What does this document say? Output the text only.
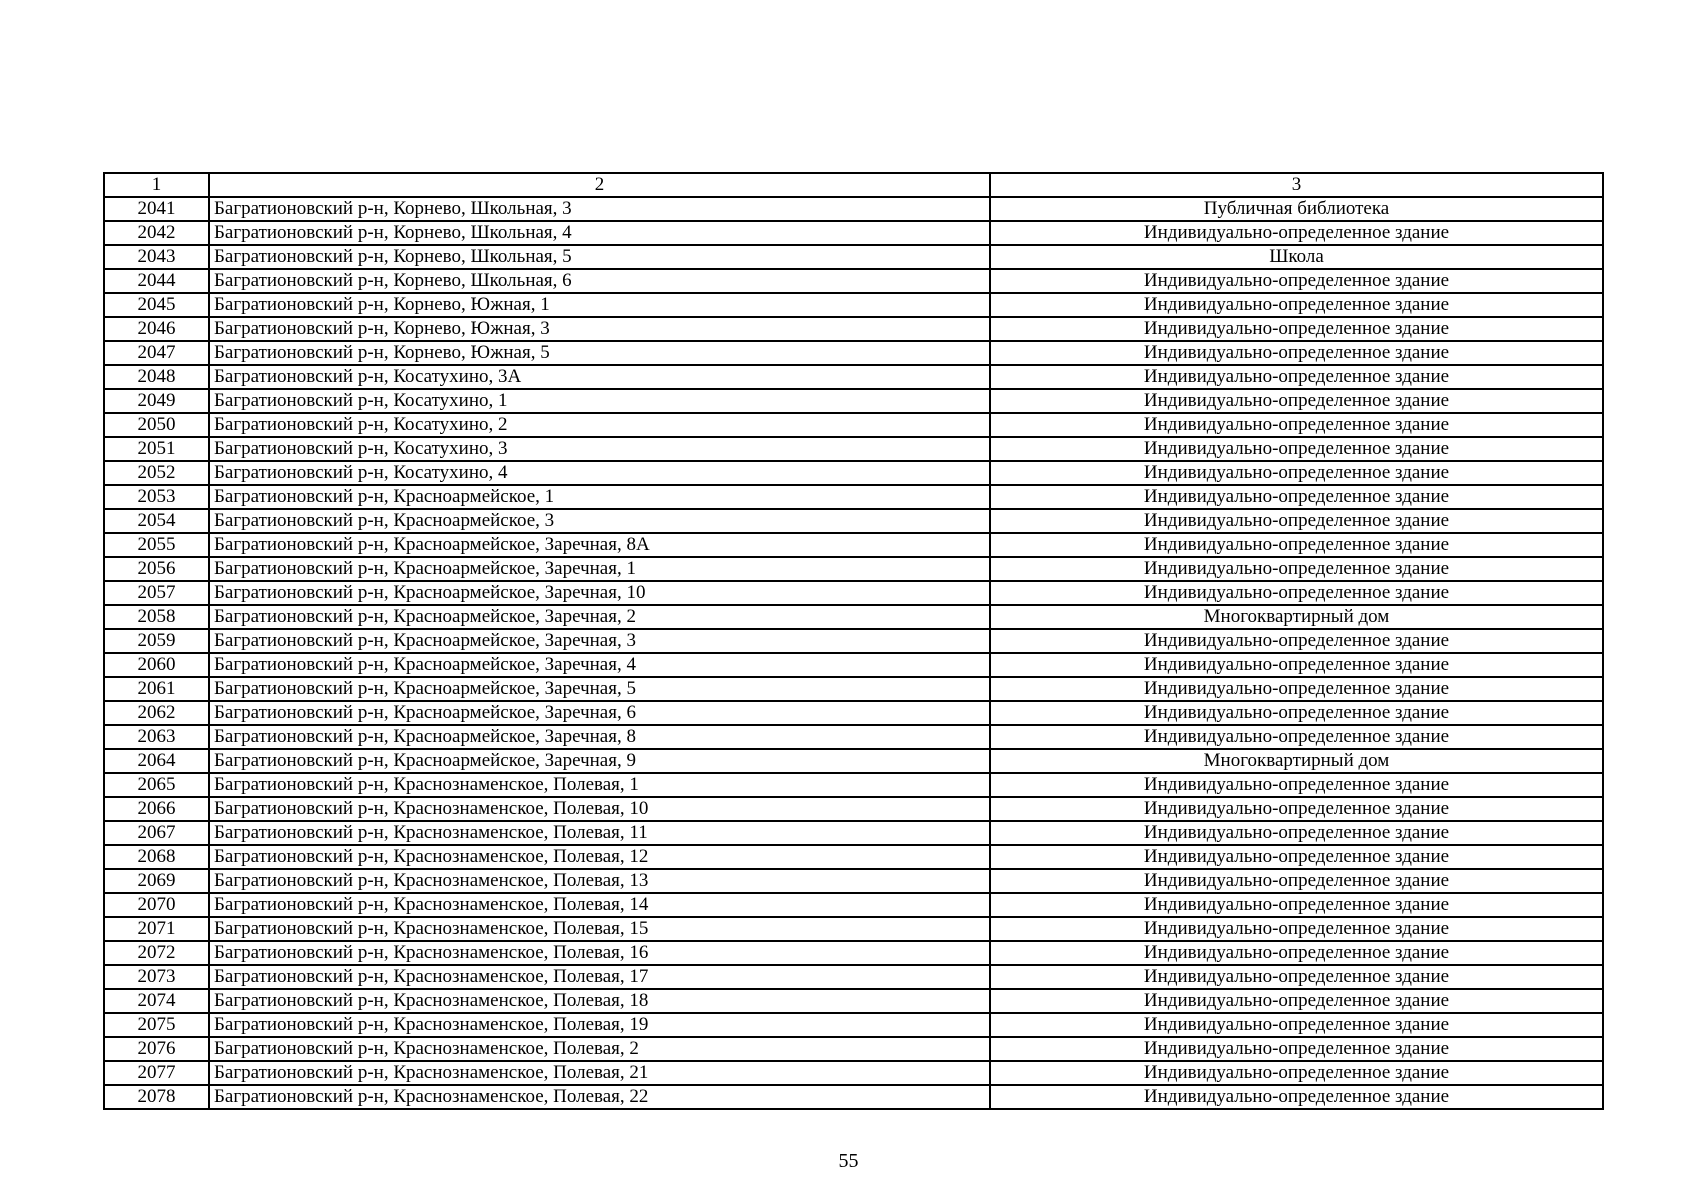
1	2	3
2041	Багратионовский р-н, Корнево, Школьная, 3	Публичная библиотека
2042	Багратионовский р-н, Корнево, Школьная, 4	Индивидуально-определенное здание
2043	Багратионовский р-н, Корнево, Школьная, 5	Школа
2044	Багратионовский р-н, Корнево, Школьная, 6	Индивидуально-определенное здание
2045	Багратионовский р-н, Корнево, Южная, 1	Индивидуально-определенное здание
2046	Багратионовский р-н, Корнево, Южная, 3	Индивидуально-определенное здание
2047	Багратионовский р-н, Корнево, Южная, 5	Индивидуально-определенное здание
2048	Багратионовский р-н, Косатухино, 3А	Индивидуально-определенное здание
2049	Багратионовский р-н, Косатухино, 1	Индивидуально-определенное здание
2050	Багратионовский р-н, Косатухино, 2	Индивидуально-определенное здание
2051	Багратионовский р-н, Косатухино, 3	Индивидуально-определенное здание
2052	Багратионовский р-н, Косатухино, 4	Индивидуально-определенное здание
2053	Багратионовский р-н, Красноармейское, 1	Индивидуально-определенное здание
2054	Багратионовский р-н, Красноармейское, 3	Индивидуально-определенное здание
2055	Багратионовский р-н, Красноармейское, Заречная, 8А	Индивидуально-определенное здание
2056	Багратионовский р-н, Красноармейское, Заречная, 1	Индивидуально-определенное здание
2057	Багратионовский р-н, Красноармейское, Заречная, 10	Индивидуально-определенное здание
2058	Багратионовский р-н, Красноармейское, Заречная, 2	Многоквартирный дом
2059	Багратионовский р-н, Красноармейское, Заречная, 3	Индивидуально-определенное здание
2060	Багратионовский р-н, Красноармейское, Заречная, 4	Индивидуально-определенное здание
2061	Багратионовский р-н, Красноармейское, Заречная, 5	Индивидуально-определенное здание
2062	Багратионовский р-н, Красноармейское, Заречная, 6	Индивидуально-определенное здание
2063	Багратионовский р-н, Красноармейское, Заречная, 8	Индивидуально-определенное здание
2064	Багратионовский р-н, Красноармейское, Заречная, 9	Многоквартирный дом
2065	Багратионовский р-н, Краснознаменское, Полевая, 1	Индивидуально-определенное здание
2066	Багратионовский р-н, Краснознаменское, Полевая, 10	Индивидуально-определенное здание
2067	Багратионовский р-н, Краснознаменское, Полевая, 11	Индивидуально-определенное здание
2068	Багратионовский р-н, Краснознаменское, Полевая, 12	Индивидуально-определенное здание
2069	Багратионовский р-н, Краснознаменское, Полевая, 13	Индивидуально-определенное здание
2070	Багратионовский р-н, Краснознаменское, Полевая, 14	Индивидуально-определенное здание
2071	Багратионовский р-н, Краснознаменское, Полевая, 15	Индивидуально-определенное здание
2072	Багратионовский р-н, Краснознаменское, Полевая, 16	Индивидуально-определенное здание
2073	Багратионовский р-н, Краснознаменское, Полевая, 17	Индивидуально-определенное здание
2074	Багратионовский р-н, Краснознаменское, Полевая, 18	Индивидуально-определенное здание
2075	Багратионовский р-н, Краснознаменское, Полевая, 19	Индивидуально-определенное здание
2076	Багратионовский р-н, Краснознаменское, Полевая, 2	Индивидуально-определенное здание
2077	Багратионовский р-н, Краснознаменское, Полевая, 21	Индивидуально-определенное здание
2078	Багратионовский р-н, Краснознаменское, Полевая, 22	Индивидуально-определенное здание
55
